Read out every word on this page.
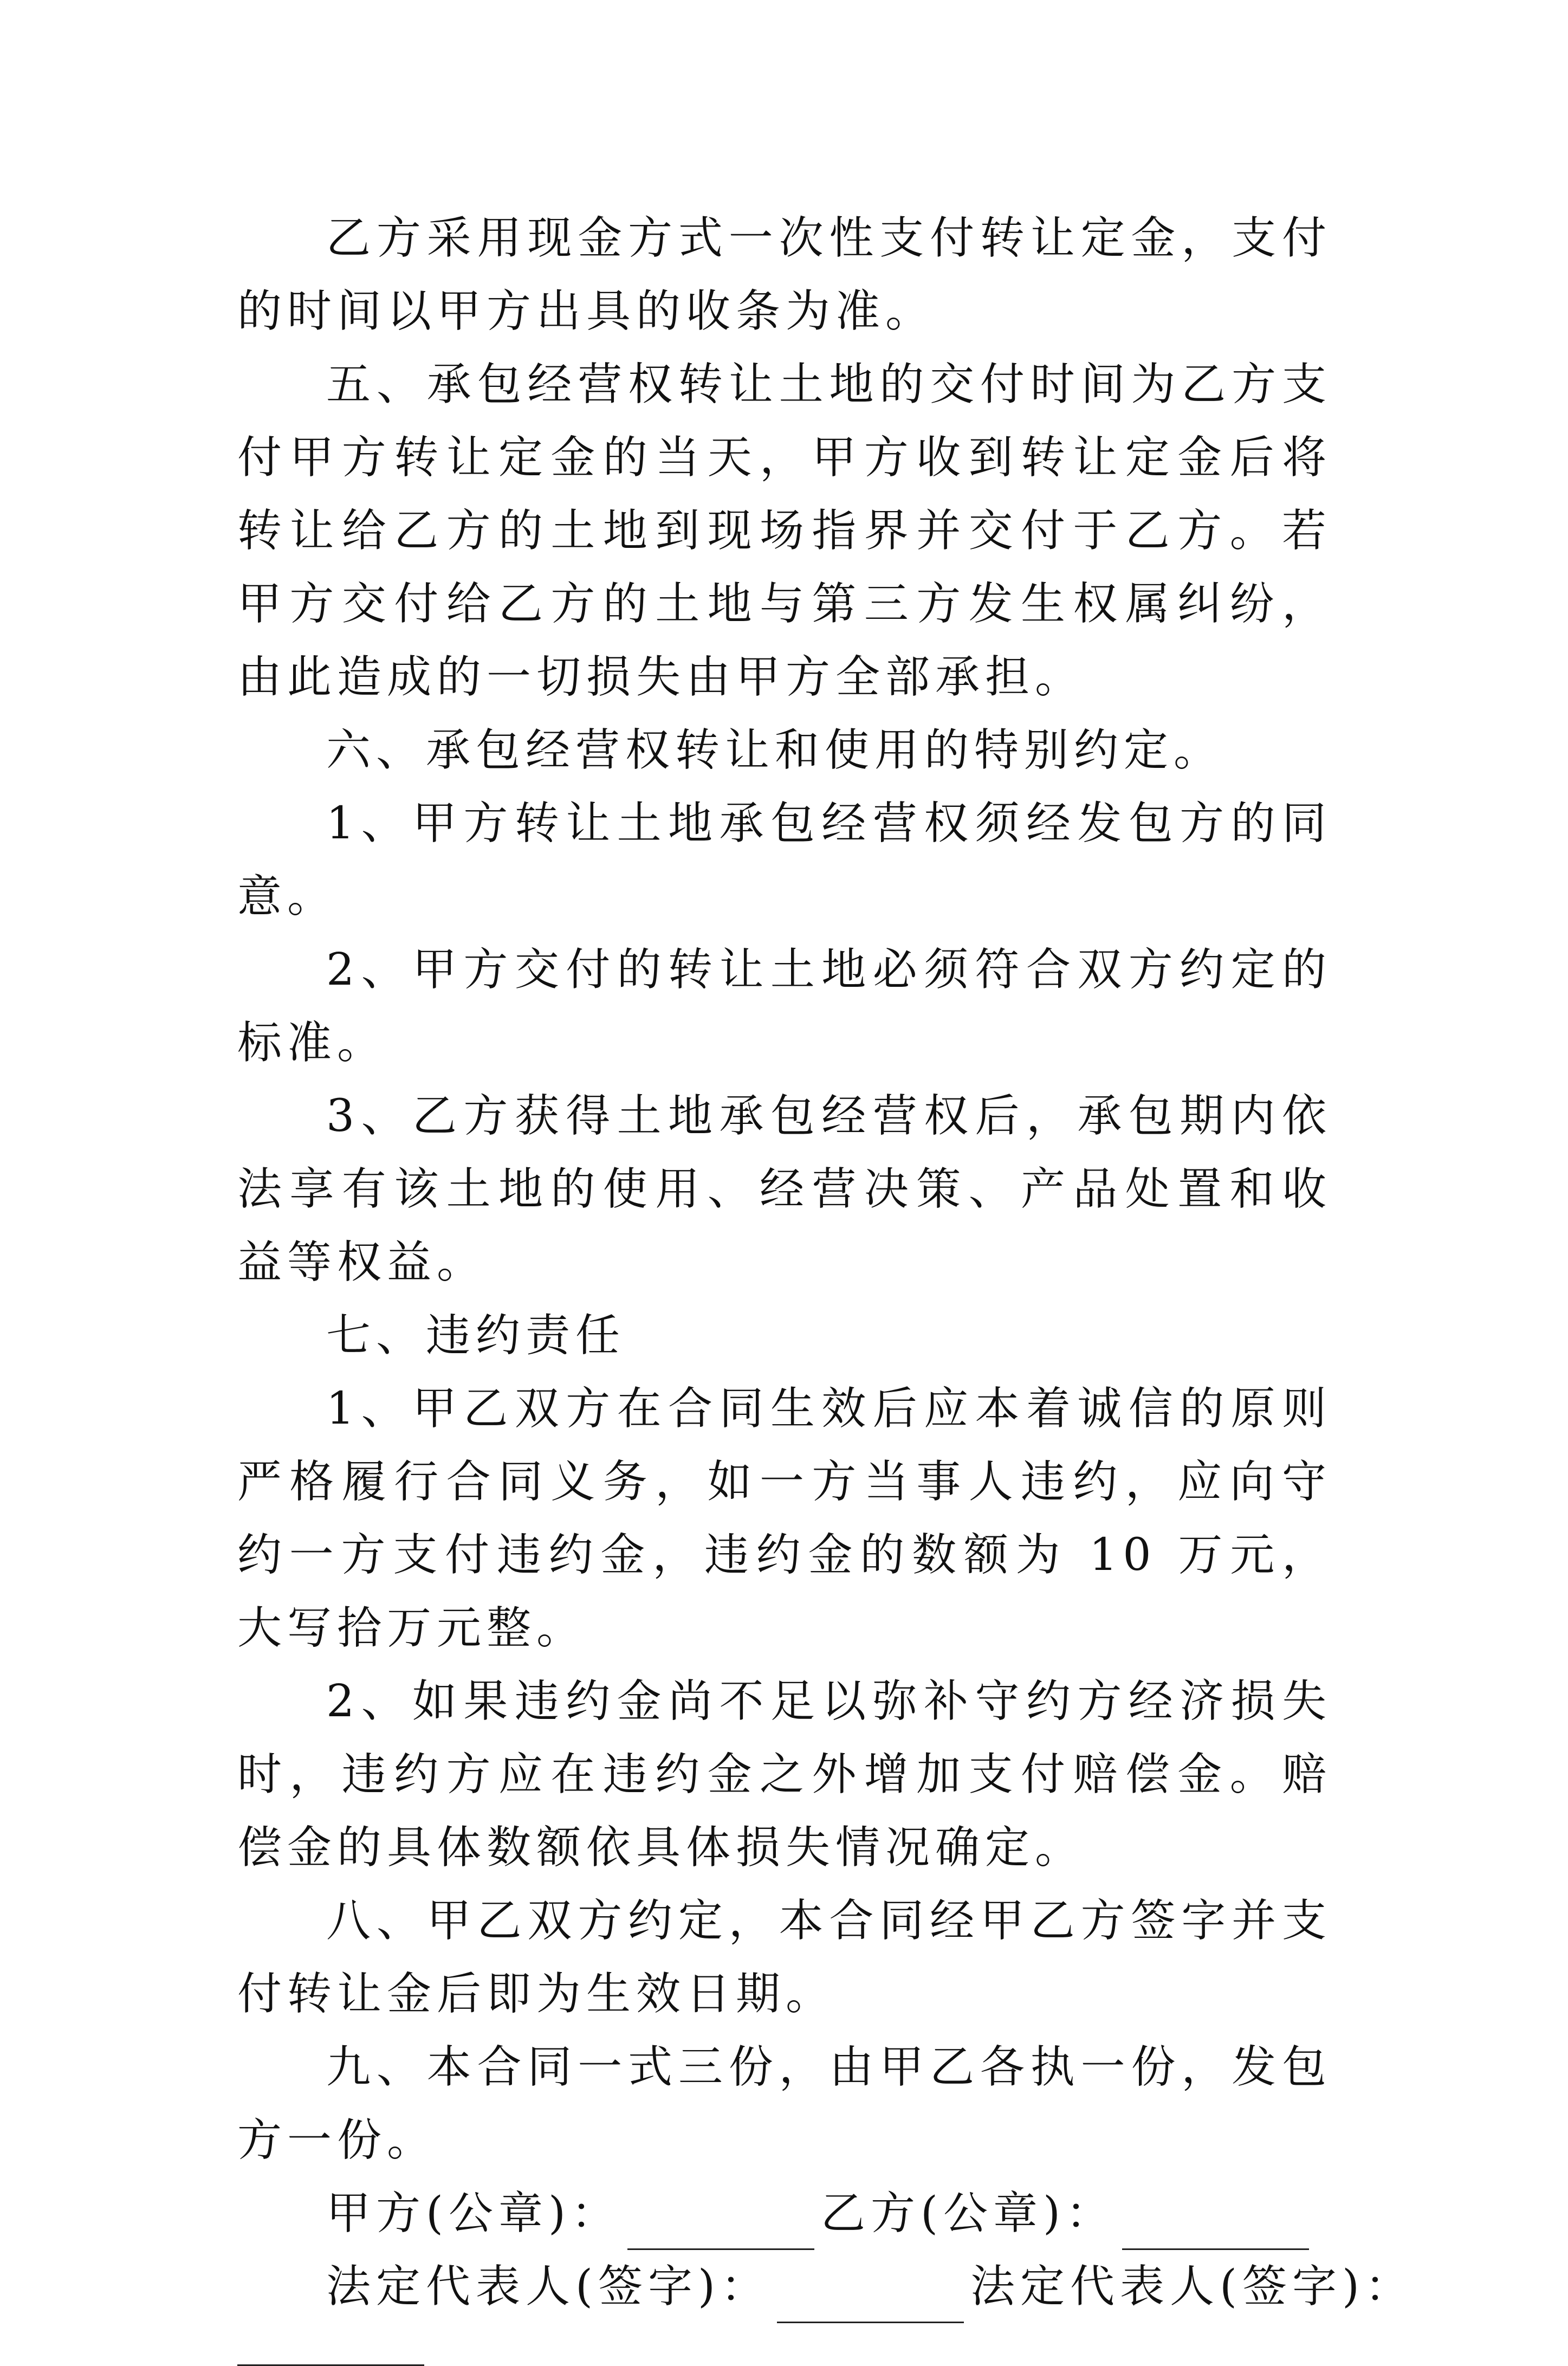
乙方采用现金方式一次性支付转让定金，支付的时间以甲方出具的收条为准。

五、承包经营权转让土地的交付时间为乙方支付甲方转让定金的当天，甲方收到转让定金后将转让给乙方的土地到现场指界并交付于乙方。若甲方交付给乙方的土地与第三方发生权属纠纷，由此造成的一切损失由甲方全部承担。

六、承包经营权转让和使用的特别约定。

1、甲方转让土地承包经营权须经发包方的同意。

2、甲方交付的转让土地必须符合双方约定的标准。

3、乙方获得土地承包经营权后，承包期内依法享有该土地的使用、经营决策、产品处置和收益等权益。

七、违约责任

1、甲乙双方在合同生效后应本着诚信的原则严格履行合同义务，如一方当事人违约，应向守约一方支付违约金，违约金的数额为 10 万元，大写拾万元整。

2、如果违约金尚不足以弥补守约方经济损失时，违约方应在违约金之外增加支付赔偿金。赔偿金的具体数额依具体损失情况确定。

八、甲乙双方约定，本合同经甲乙方签字并支付转让金后即为生效日期。

九、本合同一式三份，由甲乙各执一份，发包方一份。

甲方(公章)：	乙方(公章)：

法定代表人(签字)：	法定代表人(签字)：
